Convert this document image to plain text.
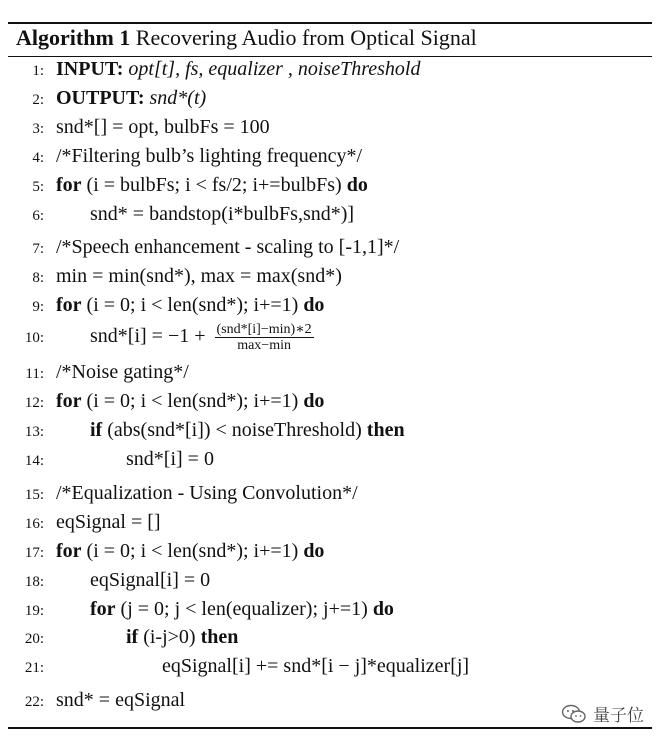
Algorithm 1 Recovering Audio from Optical Signal
1: INPUT: opt[t], fs, equalizer , noiseThreshold
2: OUTPUT: snd*(t)
3: snd*[] = opt, bulbFs = 100
4: /*Filtering bulb’s lighting frequency*/
5: for (i = bulbFs; i < fs/2; i+=bulbFs) do
6: snd* = bandstop(i*bulbFs,snd*)]
7: /*Speech enhancement - scaling to [-1,1]*/
8: min = min(snd*), max = max(snd*)
9: for (i = 0; i < len(snd*); i+=1) do
10: $snd*[i] = -1 + \frac{\text{(snd*[i]−min)∗2}}{\max-\min}$
11: /*Noise gating*/
12: for (i = 0; i < len(snd*); i+=1) do
13: if (abs(snd*[i]) < noiseThreshold) then
14:	snd*[i] = 0
15: /*Equalization - Using Convolution*/
16: eqSignal = []
17: for (i = 0; i < len(snd*); i+=1) do
18: eqSignal[i] = 0
19: for (j = 0; j < len(equalizer); j+=1) do
20:	if (i-j>0) then
21:	eqSignal[i] += snd*[i − j]*equalizer[j]
22: snd* = eqSignal
量子位
